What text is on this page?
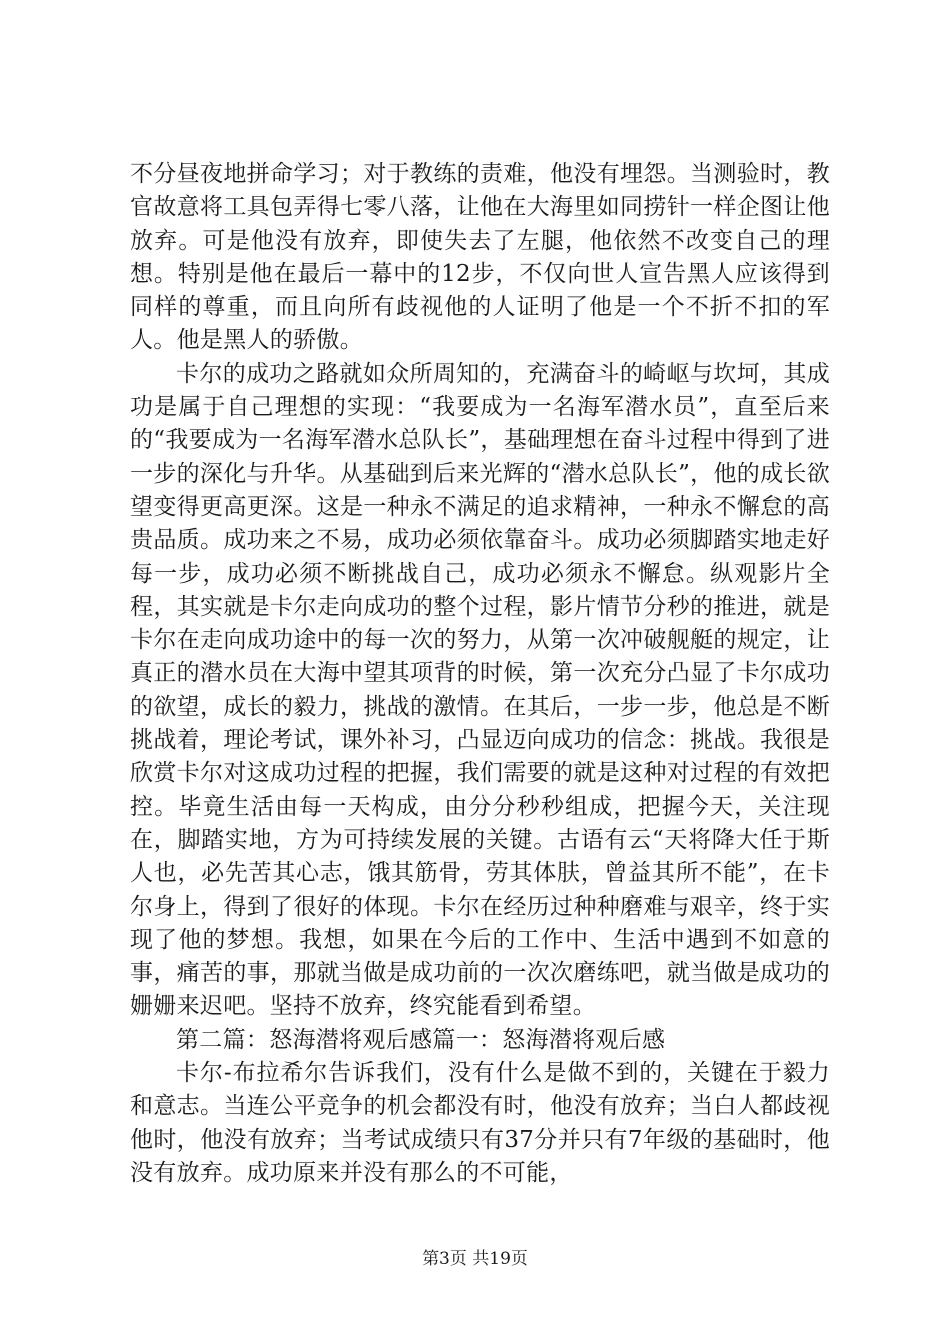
不分昼夜地拼命学习；对于教练的责难，他没有埋怨。当测验时，教官故意将工具包弄得七零八落，让他在大海里如同捞针一样企图让他放弃。可是他没有放弃，即使失去了左腿，他依然不改变自己的理想。特别是他在最后一幕中的12步，不仅向世人宣告黑人应该得到同样的尊重，而且向所有歧视他的人证明了他是一个不折不扣的军人。他是黑人的骄傲。

卡尔的成功之路就如众所周知的，充满奋斗的崎岖与坎坷，其成功是属于自己理想的实现：“我要成为一名海军潜水员”，直至后来的“我要成为一名海军潜水总队长”，基础理想在奋斗过程中得到了进一步的深化与升华。从基础到后来光辉的“潜水总队长”，他的成长欲望变得更高更深。这是一种永不满足的追求精神，一种永不懈怠的高贵品质。成功来之不易，成功必须依靠奋斗。成功必须脚踏实地走好每一步，成功必须不断挑战自己，成功必须永不懈怠。纵观影片全程，其实就是卡尔走向成功的整个过程，影片情节分秒的推进，就是卡尔在走向成功途中的每一次的努力，从第一次冲破舰艇的规定，让真正的潜水员在大海中望其项背的时候，第一次充分凸显了卡尔成功的欲望，成长的毅力，挑战的激情。在其后，一步一步，他总是不断挑战着，理论考试，课外补习，凸显迈向成功的信念：挑战。我很是欣赏卡尔对这成功过程的把握，我们需要的就是这种对过程的有效把控。毕竟生活由每一天构成，由分分秒秒组成，把握今天，关注现在，脚踏实地，方为可持续发展的关键。古语有云“天将降大任于斯人也，必先苦其心志，饿其筋骨，劳其体肤，曾益其所不能”，在卡尔身上，得到了很好的体现。卡尔在经历过种种磨难与艰辛，终于实现了他的梦想。我想，如果在今后的工作中、生活中遇到不如意的事，痛苦的事，那就当做是成功前的一次次磨练吧，就当做是成功的姗姗来迟吧。坚持不放弃，终究能看到希望。

第二篇：怒海潜将观后感篇一：怒海潜将观后感

卡尔-布拉希尔告诉我们，没有什么是做不到的，关键在于毅力和意志。当连公平竞争的机会都没有时，他没有放弃；当白人都歧视他时，他没有放弃；当考试成绩只有37分并只有7年级的基础时，他没有放弃。成功原来并没有那么的不可能，

第3页 共19页
